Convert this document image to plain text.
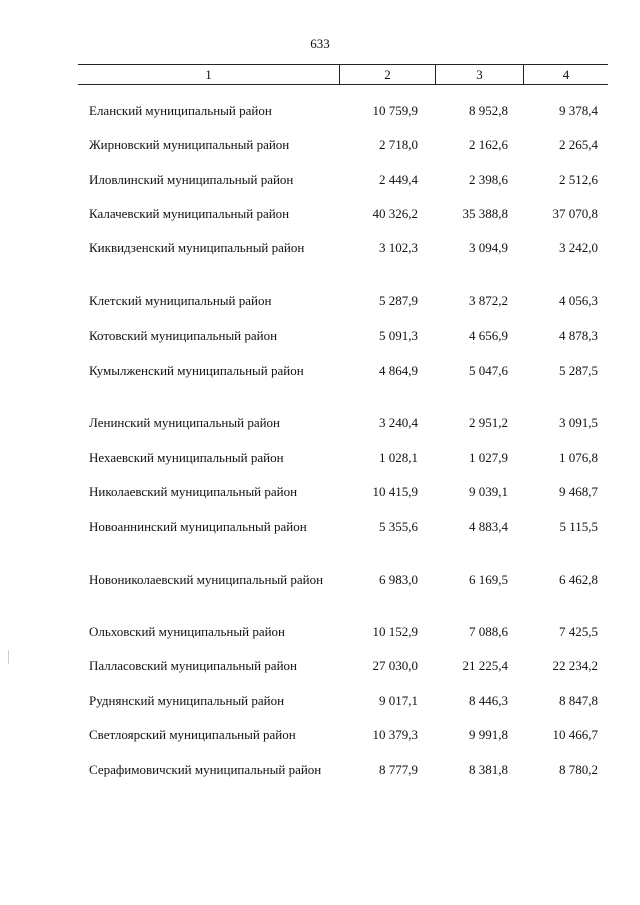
633
1	2	3	4
Еланский муниципальный район	10 759,9	8 952,8	9 378,4
Жирновский муниципальный район	2 718,0	2 162,6	2 265,4
Иловлинский муниципальный район	2 449,4	2 398,6	2 512,6
Калачевский муниципальный район	40 326,2	35 388,8	37 070,8
Киквидзенский муниципальный район	3 102,3	3 094,9	3 242,0
Клетский муниципальный район	5 287,9	3 872,2	4 056,3
Котовский муниципальный район	5 091,3	4 656,9	4 878,3
Кумылженский муниципальный район	4 864,9	5 047,6	5 287,5
Ленинский муниципальный район	3 240,4	2 951,2	3 091,5
Нехаевский муниципальный район	1 028,1	1 027,9	1 076,8
Николаевский муниципальный район	10 415,9	9 039,1	9 468,7
Новоаннинский муниципальный район	5 355,6	4 883,4	5 115,5
Новониколаевский муниципальный район	6 983,0	6 169,5	6 462,8
Ольховский муниципальный район	10 152,9	7 088,6	7 425,5
Палласовский муниципальный район	27 030,0	21 225,4	22 234,2
Руднянский муниципальный район	9 017,1	8 446,3	8 847,8
Светлоярский муниципальный район	10 379,3	9 991,8	10 466,7
Серафимовичский муниципальный район	8 777,9	8 381,8	8 780,2
